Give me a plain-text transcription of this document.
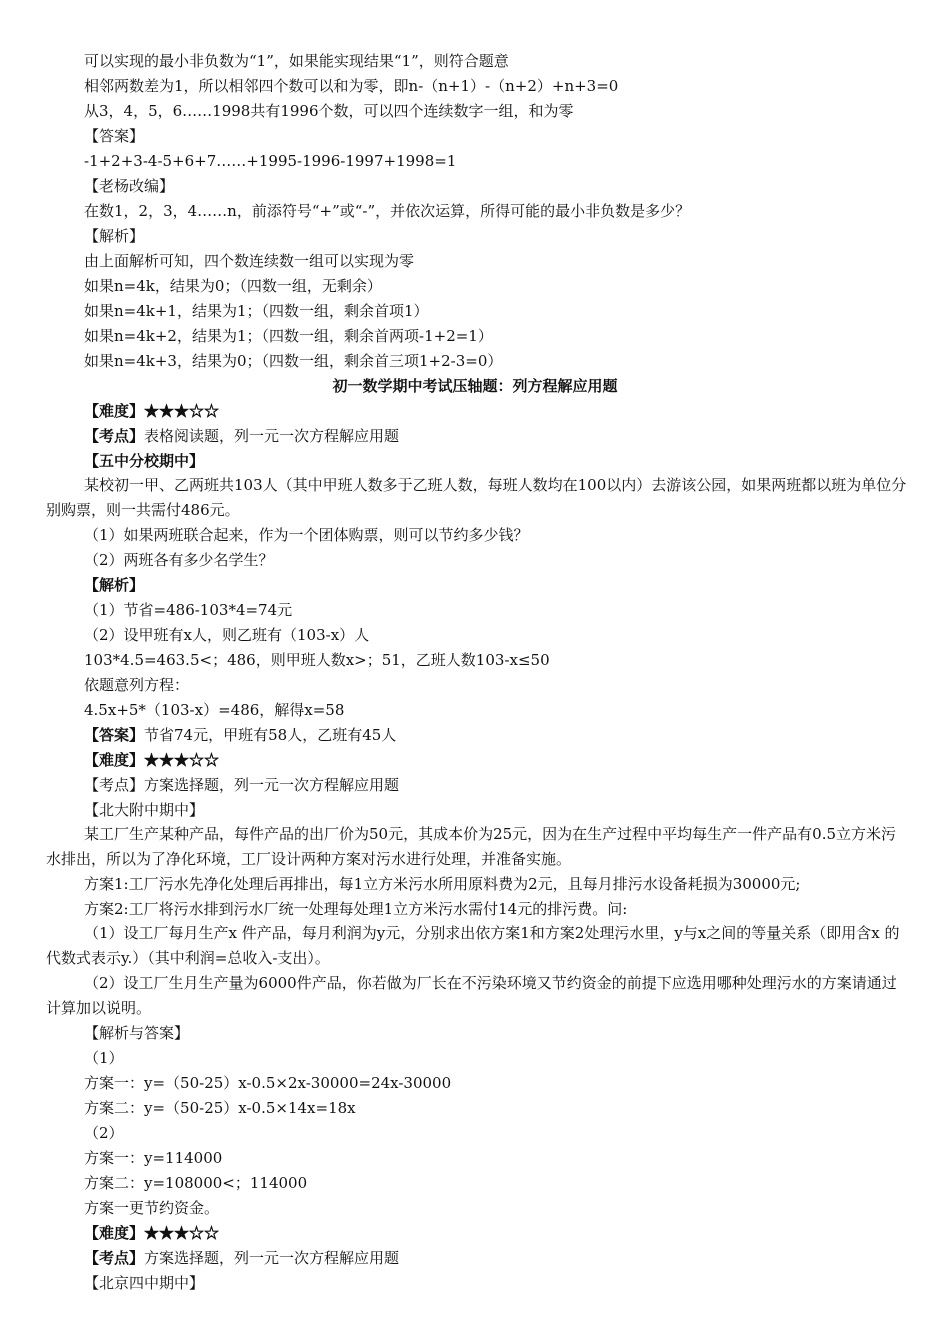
可以实现的最小非负数为“1”，如果能实现结果“1”，则符合题意
相邻两数差为1，所以相邻四个数可以和为零，即n-（n+1）-（n+2）+n+3=0
从3，4，5，6……1998共有1996个数，可以四个连续数字一组，和为零
【答案】
-1+2+3-4-5+6+7……+1995-1996-1997+1998=1
【老杨改编】
在数1，2，3，4……n，前添符号“+”或“-”，并依次运算，所得可能的最小非负数是多少？
【解析】
由上面解析可知，四个数连续数一组可以实现为零
如果n=4k，结果为0；（四数一组，无剩余）
如果n=4k+1，结果为1；（四数一组，剩余首项1）
如果n=4k+2，结果为1；（四数一组，剩余首两项-1+2=1）
如果n=4k+3，结果为0；（四数一组，剩余首三项1+2-3=0）
初一数学期中考试压轴题：列方程解应用题
【难度】★★★☆☆
【考点】表格阅读题，列一元一次方程解应用题
【五中分校期中】
某校初一甲、乙两班共103人（其中甲班人数多于乙班人数，每班人数均在100以内）去游该公园，如果两班都以班为单位分别购票，则一共需付486元。
（1）如果两班联合起来，作为一个团体购票，则可以节约多少钱？
（2）两班各有多少名学生？
【解析】
（1）节省=486-103*4=74元
（2）设甲班有x人，则乙班有（103-x）人
103*4.5=463.5<；486，则甲班人数x>；51，乙班人数103-x≤50
依题意列方程：
4.5x+5*（103-x）=486，解得x=58
【答案】节省74元，甲班有58人，乙班有45人
【难度】★★★☆☆
【考点】方案选择题，列一元一次方程解应用题
【北大附中期中】
某工厂生产某种产品，每件产品的出厂价为50元，其成本价为25元，因为在生产过程中平均每生产一件产品有0.5立方米污水排出，所以为了净化环境，工厂设计两种方案对污水进行处理，并准备实施。
方案1:工厂污水先净化处理后再排出，每1立方米污水所用原料费为2元，且每月排污水设备耗损为30000元;
方案2:工厂将污水排到污水厂统一处理每处理1立方米污水需付14元的排污费。问:
（1）设工厂每月生产x 件产品，每月利润为y元，分别求出依方案1和方案2处理污水里，y与x之间的等量关系（即用含x 的代数式表示y.）（其中利润=总收入-支出）。
（2）设工厂生月生产量为6000件产品，你若做为厂长在不污染环境又节约资金的前提下应选用哪种处理污水的方案请通过计算加以说明。
【解析与答案】
（1）
方案一：y=（50-25）x-0.5×2x-30000=24x-30000
方案二：y=（50-25）x-0.5×14x=18x
（2）
方案一：y=114000
方案二：y=108000<；114000
方案一更节约资金。
【难度】★★★☆☆
【考点】方案选择题，列一元一次方程解应用题
【北京四中期中】
